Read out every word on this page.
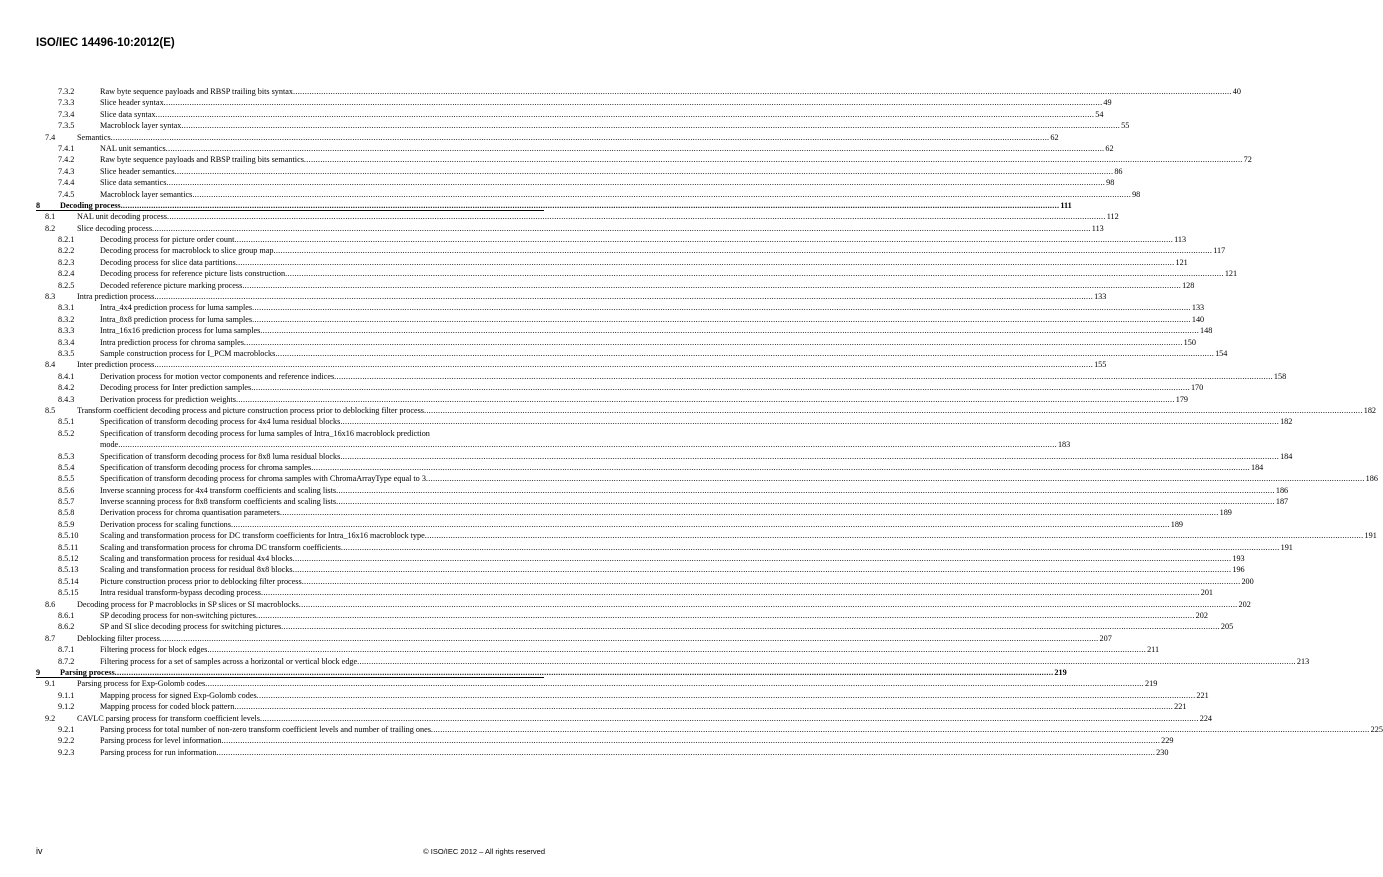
ISO/IEC 14496-10:2012(E)
7.3.2	Raw byte sequence payloads and RBSP trailing bits syntax ................................................................................................................................................................................................................................................................................................................................................................................................................ 40
7.3.3	Slice header syntax ................................................................................................................................................................................................................................................................................................................................................................................................................ 49
7.3.4	Slice data syntax ................................................................................................................................................................................................................................................................................................................................................................................................................ 54
7.3.5	Macroblock layer syntax ................................................................................................................................................................................................................................................................................................................................................................................................................ 55
7.4	Semantics ................................................................................................................................................................................................................................................................................................................................................................................................................ 62
7.4.1	NAL unit semantics ................................................................................................................................................................................................................................................................................................................................................................................................................ 62
7.4.2	Raw byte sequence payloads and RBSP trailing bits semantics ................................................................................................................................................................................................................................................................................................................................................................................................................ 72
7.4.3	Slice header semantics ................................................................................................................................................................................................................................................................................................................................................................................................................ 86
7.4.4	Slice data semantics ................................................................................................................................................................................................................................................................................................................................................................................................................ 98
7.4.5	Macroblock layer semantics ................................................................................................................................................................................................................................................................................................................................................................................................................ 98
8 Decoding process ................................................................................................................................................................................................................................................................................................................................................................................................................ 111
8.1	NAL unit decoding process ................................................................................................................................................................................................................................................................................................................................................................................................................ 112
8.2	Slice decoding process ................................................................................................................................................................................................................................................................................................................................................................................................................ 113
8.2.1	Decoding process for picture order count ................................................................................................................................................................................................................................................................................................................................................................................................................ 113
8.2.2	Decoding process for macroblock to slice group map ................................................................................................................................................................................................................................................................................................................................................................................................................ 117
8.2.3	Decoding process for slice data partitions ................................................................................................................................................................................................................................................................................................................................................................................................................ 121
8.2.4	Decoding process for reference picture lists construction ................................................................................................................................................................................................................................................................................................................................................................................................................ 121
8.2.5	Decoded reference picture marking process ................................................................................................................................................................................................................................................................................................................................................................................................................ 128
8.3	Intra prediction process ................................................................................................................................................................................................................................................................................................................................................................................................................ 133
8.3.1	Intra_4x4 prediction process for luma samples ................................................................................................................................................................................................................................................................................................................................................................................................................ 133
8.3.2	Intra_8x8 prediction process for luma samples ................................................................................................................................................................................................................................................................................................................................................................................................................ 140
8.3.3	Intra_16x16 prediction process for luma samples ................................................................................................................................................................................................................................................................................................................................................................................................................ 148
8.3.4	Intra prediction process for chroma samples ................................................................................................................................................................................................................................................................................................................................................................................................................ 150
8.3.5	Sample construction process for I_PCM macroblocks ................................................................................................................................................................................................................................................................................................................................................................................................................ 154
8.4	Inter prediction process ................................................................................................................................................................................................................................................................................................................................................................................................................ 155
8.4.1	Derivation process for motion vector components and reference indices ................................................................................................................................................................................................................................................................................................................................................................................................................ 158
8.4.2	Decoding process for Inter prediction samples ................................................................................................................................................................................................................................................................................................................................................................................................................ 170
8.4.3	Derivation process for prediction weights ................................................................................................................................................................................................................................................................................................................................................................................................................ 179
8.5	Transform coefficient decoding process and picture construction process prior to deblocking filter process ................................................................................................................................................................................................................................................................................................................................................................................................................ 182
8.5.1	Specification of transform decoding process for 4x4 luma residual blocks ................................................................................................................................................................................................................................................................................................................................................................................................................ 182
8.5.2	Specification of transform decoding process for luma samples of Intra_16x16 macroblock prediction
mode ................................................................................................................................................................................................................................................................................................................................................................................................................ 183
8.5.3	Specification of transform decoding process for 8x8 luma residual blocks ................................................................................................................................................................................................................................................................................................................................................................................................................ 184
8.5.4	Specification of transform decoding process for chroma samples ................................................................................................................................................................................................................................................................................................................................................................................................................ 184
8.5.5	Specification of transform decoding process for chroma samples with ChromaArrayType equal to 3 ................................................................................................................................................................................................................................................................................................................................................................................................................ 186
8.5.6	Inverse scanning process for 4x4 transform coefficients and scaling lists ................................................................................................................................................................................................................................................................................................................................................................................................................ 186
8.5.7	Inverse scanning process for 8x8 transform coefficients and scaling lists ................................................................................................................................................................................................................................................................................................................................................................................................................ 187
8.5.8	Derivation process for chroma quantisation parameters ................................................................................................................................................................................................................................................................................................................................................................................................................ 189
8.5.9	Derivation process for scaling functions ................................................................................................................................................................................................................................................................................................................................................................................................................ 189
8.5.10	Scaling and transformation process for DC transform coefficients for Intra_16x16 macroblock type ................................................................................................................................................................................................................................................................................................................................................................................................................ 191
8.5.11	Scaling and transformation process for chroma DC transform coefficients ................................................................................................................................................................................................................................................................................................................................................................................................................ 191
8.5.12	Scaling and transformation process for residual 4x4 blocks ................................................................................................................................................................................................................................................................................................................................................................................................................ 193
8.5.13	Scaling and transformation process for residual 8x8 blocks ................................................................................................................................................................................................................................................................................................................................................................................................................ 196
8.5.14	Picture construction process prior to deblocking filter process ................................................................................................................................................................................................................................................................................................................................................................................................................ 200
8.5.15	Intra residual transform-bypass decoding process ................................................................................................................................................................................................................................................................................................................................................................................................................ 201
8.6	Decoding process for P macroblocks in SP slices or SI macroblocks ................................................................................................................................................................................................................................................................................................................................................................................................................ 202
8.6.1	SP decoding process for non-switching pictures ................................................................................................................................................................................................................................................................................................................................................................................................................ 202
8.6.2	SP and SI slice decoding process for switching pictures ................................................................................................................................................................................................................................................................................................................................................................................................................ 205
8.7	Deblocking filter process ................................................................................................................................................................................................................................................................................................................................................................................................................ 207
8.7.1	Filtering process for block edges ................................................................................................................................................................................................................................................................................................................................................................................................................ 211
8.7.2	Filtering process for a set of samples across a horizontal or vertical block edge ................................................................................................................................................................................................................................................................................................................................................................................................................ 213
9 Parsing process ................................................................................................................................................................................................................................................................................................................................................................................................................ 219
9.1	Parsing process for Exp-Golomb codes ................................................................................................................................................................................................................................................................................................................................................................................................................ 219
9.1.1	Mapping process for signed Exp-Golomb codes ................................................................................................................................................................................................................................................................................................................................................................................................................ 221
9.1.2	Mapping process for coded block pattern ................................................................................................................................................................................................................................................................................................................................................................................................................ 221
9.2	CAVLC parsing process for transform coefficient levels ................................................................................................................................................................................................................................................................................................................................................................................................................ 224
9.2.1	Parsing process for total number of non-zero transform coefficient levels and number of trailing ones ................................................................................................................................................................................................................................................................................................................................................................................................................ 225
9.2.2	Parsing process for level information ................................................................................................................................................................................................................................................................................................................................................................................................................ 229
9.2.3	Parsing process for run information ................................................................................................................................................................................................................................................................................................................................................................................................................ 230
iv	© ISO/IEC 2012 – All rights reserved
